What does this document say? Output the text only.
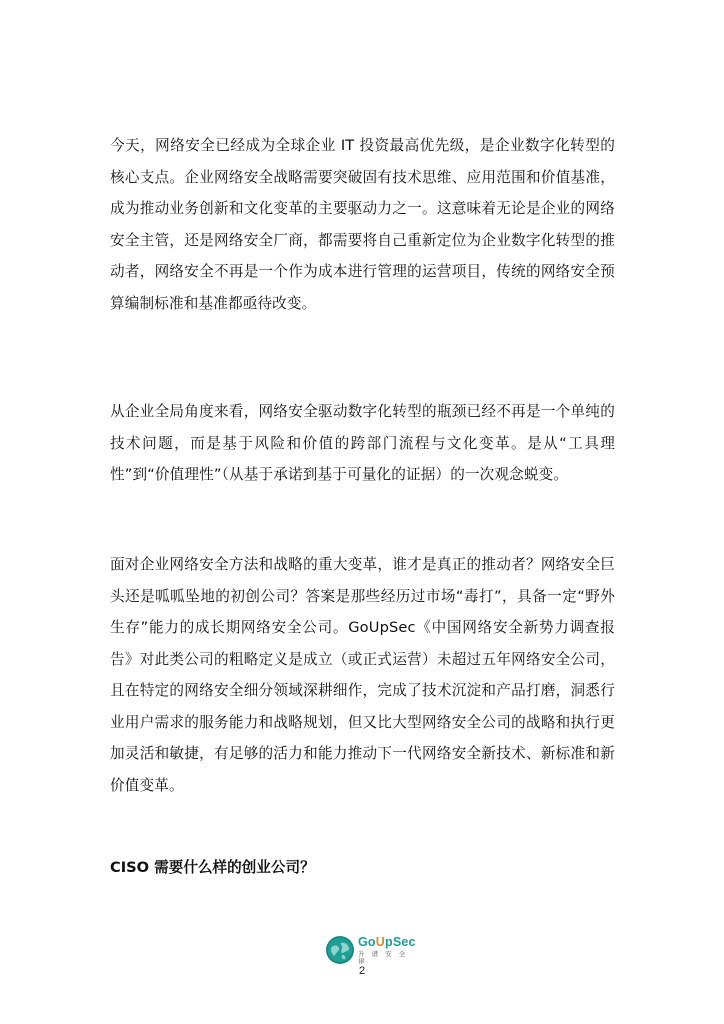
今天，网络安全已经成为全球企业 IT 投资最高优先级，是企业数字化转型的核心支点。企业网络安全战略需要突破固有技术思维、应用范围和价值基准，成为推动业务创新和文化变革的主要驱动力之一。这意味着无论是企业的网络安全主管，还是网络安全厂商，都需要将自己重新定位为企业数字化转型的推动者，网络安全不再是一个作为成本进行管理的运营项目，传统的网络安全预算编制标准和基准都亟待改变。

从企业全局角度来看，网络安全驱动数字化转型的瓶颈已经不再是一个单纯的技术问题，而是基于风险和价值的跨部门流程与文化变革。是从“工具理性”到“价值理性”（从基于承诺到基于可量化的证据）的一次观念蜕变。

面对企业网络安全方法和战略的重大变革，谁才是真正的推动者？网络安全巨头还是呱呱坠地的初创公司？答案是那些经历过市场“毒打”，具备一定“野外生存”能力的成长期网络安全公司。GoUpSec《中国网络安全新势力调查报告》对此类公司的粗略定义是成立（或正式运营）未超过五年网络安全公司，且在特定的网络安全细分领域深耕细作，完成了技术沉淀和产品打磨，洞悉行业用户需求的服务能力和战略规划，但又比大型网络安全公司的战略和执行更加灵活和敏捷，有足够的活力和能力推动下一代网络安全新技术、新标准和新价值变革。

CISO 需要什么样的创业公司？
GoUpSec
升 谱 安 全 律
2
